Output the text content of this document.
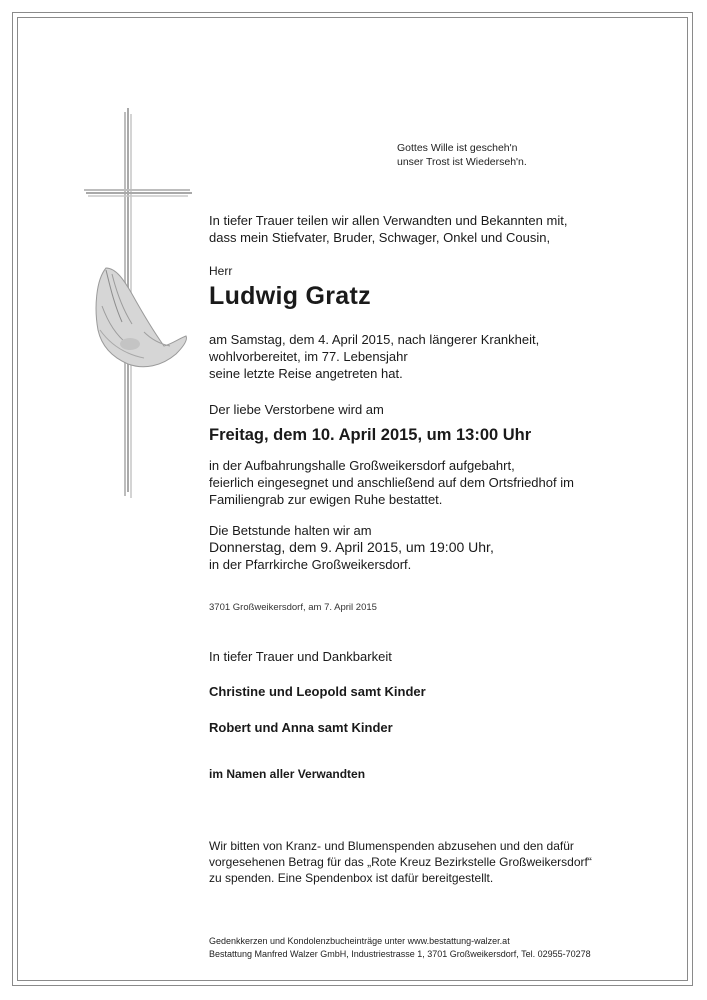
Gottes Wille ist gescheh'n
unser Trost ist Wiederseh'n.
In tiefer Trauer teilen wir allen Verwandten und Bekannten mit,
dass mein Stiefvater, Bruder, Schwager, Onkel und Cousin,
Herr
Ludwig Gratz
am Samstag, dem 4. April 2015, nach längerer Krankheit,
wohlvorbereitet, im 77. Lebensjahr
seine letzte Reise angetreten hat.
Der liebe Verstorbene wird am
Freitag, dem 10. April 2015, um 13:00 Uhr
in der Aufbahrungshalle Großweikersdorf aufgebahrt,
feierlich eingesegnet und anschließend auf dem Ortsfriedhof im
Familiengrab zur ewigen Ruhe bestattet.
Die Betstunde halten wir am
Donnerstag, dem 9. April 2015, um 19:00 Uhr,
in der Pfarrkirche Großweikersdorf.
3701 Großweikersdorf, am 7. April 2015
In tiefer Trauer und Dankbarkeit
Christine und Leopold samt Kinder
Robert und Anna samt Kinder
im Namen aller Verwandten
Wir bitten von Kranz- und Blumenspenden abzusehen und den dafür
vorgesehenen Betrag für das „Rote Kreuz Bezirkstelle Großweikersdorf“
zu spenden. Eine Spendenbox ist dafür bereitgestellt.
Gedenkkerzen und Kondolenzbucheinträge unter www.bestattung-walzer.at
Bestattung Manfred Walzer GmbH, Industriestrasse 1, 3701 Großweikersdorf, Tel. 02955-70278
